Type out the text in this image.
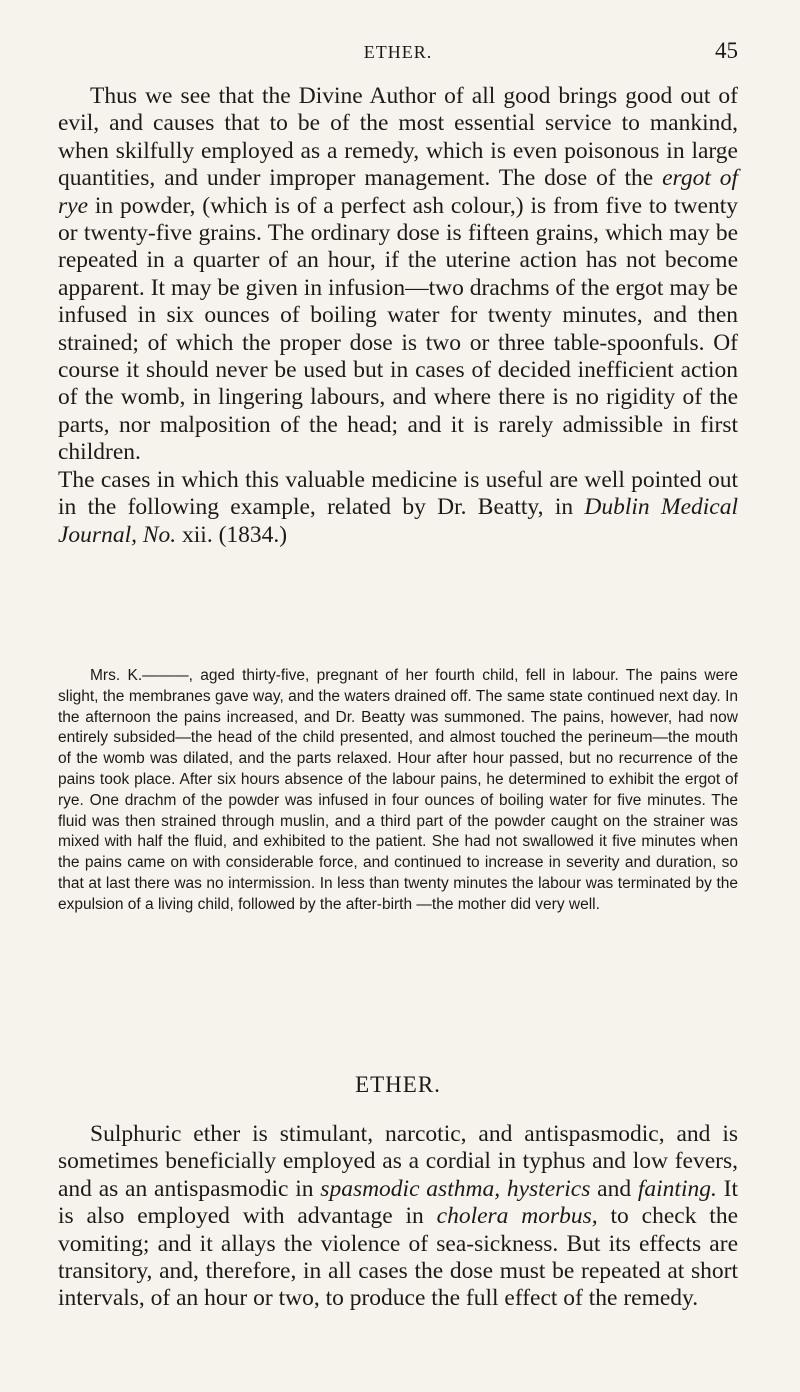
ETHER.	45

Thus we see that the Divine Author of all good brings good out of evil, and causes that to be of the most essential service to mankind, when skilfully employed as a remedy, which is even poisonous in large quantities, and under improper management. The dose of the ergot of rye in powder, (which is of a perfect ash colour,) is from five to twenty or twenty-five grains. The ordinary dose is fifteen grains, which may be repeated in a quarter of an hour, if the uterine action has not become apparent. It may be given in infusion—two drachms of the ergot may be infused in six ounces of boiling water for twenty minutes, and then strained; of which the proper dose is two or three table-spoonfuls. Of course it should never be used but in cases of decided inefficient action of the womb, in lingering labours, and where there is no rigidity of the parts, nor malposition of the head; and it is rarely admissible in first children.

The cases in which this valuable medicine is useful are well pointed out in the following example, related by Dr. Beatty, in Dublin Medical Journal, No. xii. (1834.)

Mrs. K.———, aged thirty-five, pregnant of her fourth child, fell in labour. The pains were slight, the membranes gave way, and the waters drained off. The same state continued next day. In the afternoon the pains increased, and Dr. Beatty was summoned. The pains, however, had now entirely subsided—the head of the child presented, and almost touched the perineum—the mouth of the womb was dilated, and the parts relaxed. Hour after hour passed, but no recurrence of the pains took place. After six hours absence of the labour pains, he determined to exhibit the ergot of rye. One drachm of the powder was infused in four ounces of boiling water for five minutes. The fluid was then strained through muslin, and a third part of the powder caught on the strainer was mixed with half the fluid, and exhibited to the patient. She had not swallowed it five minutes when the pains came on with considerable force, and continued to increase in severity and duration, so that at last there was no intermission. In less than twenty minutes the labour was terminated by the expulsion of a living child, followed by the after-birth —the mother did very well.

ETHER.

Sulphuric ether is stimulant, narcotic, and antispasmodic, and is sometimes beneficially employed as a cordial in typhus and low fevers, and as an antispasmodic in spasmodic asthma, hysterics and fainting. It is also employed with advantage in cholera morbus, to check the vomiting; and it allays the violence of sea-sickness. But its effects are transitory, and, therefore, in all cases the dose must be repeated at short intervals, of an hour or two, to produce the full effect of the remedy.
